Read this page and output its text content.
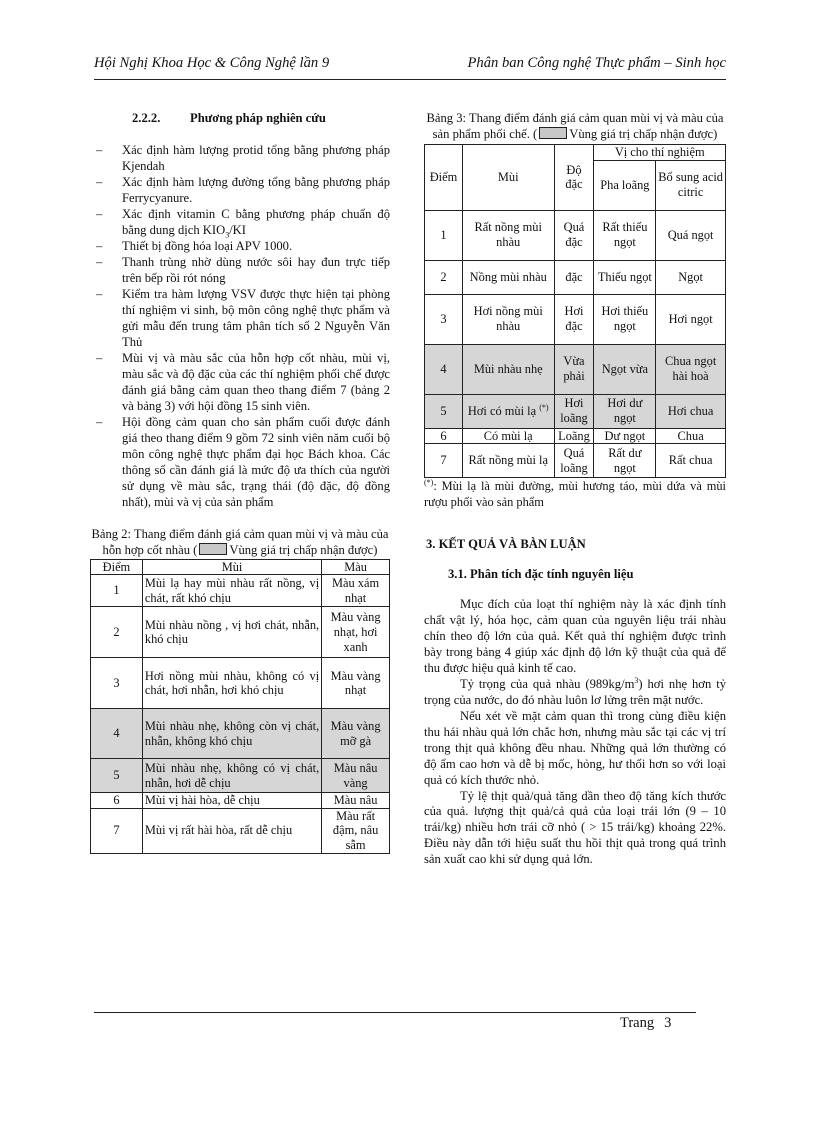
Hội Nghị Khoa Học & Công Nghệ lần 9	Phân ban Công nghệ Thực phẩm – Sinh học
2.2.2. Phương pháp nghiên cứu
– Xác định hàm lượng protid tổng bằng phương pháp Kjendah
– Xác định hàm lượng đường tổng bằng phương pháp Ferrycyanure.
– Xác định vitamin C bằng phương pháp chuẩn độ bằng dung dịch $KIO_3/KI$
– Thiết bị đồng hóa loại APV 1000.
– Thanh trùng nhờ dùng nước sôi hay đun trực tiếp trên bếp rồi rót nóng
– Kiểm tra hàm lượng VSV được thực hiện tại phòng thí nghiệm vi sinh, bộ môn công nghệ thực phẩm và gửi mẫu đến trung tâm phân tích số 2 Nguyễn Văn Thủ
– Mùi vị và màu sắc của hỗn hợp cốt nhàu, mùi vị, màu sắc và độ đặc của các thí nghiệm phối chế được đánh giá bằng cảm quan theo thang điểm 7 (bảng 2 và bảng 3) với hội đồng 15 sinh viên.
– Hội đồng cảm quan cho sản phẩm cuối được đánh giá theo thang điểm 9 gồm 72 sinh viên năm cuối bộ môn công nghệ thực phẩm đại học Bách khoa. Các thông số cần đánh giá là mức độ ưa thích của người sử dụng về màu sắc, trạng thái (độ đặc, độ đồng nhất), mùi và vị của sản phẩm
Bảng 2: Thang điểm đánh giá cảm quan mùi vị và màu của hỗn hợp cốt nhàu (	Vùng giá trị chấp nhận được)
Điểm	Mùi	Màu
1	Mùi lạ hay mùi nhàu rất nồng, vị chát, rất khó chịu	Màu xám nhạt
2	Mùi nhàu nồng , vị hơi chát, nhẫn, khó chịu	Màu vàng nhạt, hơi xanh
3	Hơi nồng mùi nhàu, không có vị chát, hơi nhẫn, hơi khó chịu	Màu vàng nhạt
4	Mùi nhàu nhẹ, không còn vị chát, nhẫn, không khó chịu	Màu vàng mỡ gà
5	Mùi nhàu nhẹ, không có vị chát, nhẫn, hơi dễ chịu	Màu nâu vàng
6	Mùi vị hài hòa, dễ chịu	Màu nâu
7	Mùi vị rất hài hòa, rất dễ chịu	Màu rất đậm, nâu sẫm
Bảng 3: Thang điểm đánh giá cảm quan mùi vị và màu của sản phẩm phối chế. (	Vùng giá trị chấp nhận được)
Điểm	Mùi	Độ đặc	Vị cho thí nghiệm	
			Pha loãng	Bổ sung acid citric
1	Rất nồng mùi nhàu	Quá đặc	Rất thiếu ngọt	Quá ngọt
2	Nồng mùi nhàu	đặc	Thiếu ngọt	Ngọt
3	Hơi nồng mùi nhàu	Hơi đặc	Hơi thiếu ngọt	Hơi ngọt
4	Mùi nhàu nhẹ	Vừa phải	Ngọt vừa	Chua ngọt hài hoà
5	Hơi có mùi lạ (*)	Hơi loãng	Hơi dư ngọt	Hơi chua
6	Có mùi lạ	Loãng	Dư ngọt	Chua
7	Rất nồng mùi lạ	Quá loãng	Rất dư ngọt	Rất chua
(*): Mùi lạ là mùi đường, mùi hương táo, mùi dứa và mùi rượu phối vào sản phẩm
3. KẾT QUẢ VÀ BÀN LUẬN
3.1. Phân tích đặc tính nguyên liệu

Mục đích của loạt thí nghiệm này là xác định tính chất vật lý, hóa học, cảm quan của nguyên liệu trái nhàu chín theo độ lớn của quả. Kết quả thí nghiệm được trình bày trong bảng 4 giúp xác định độ lớn kỹ thuật của quả để thu được hiệu quả kinh tế cao.

Tỷ trọng của quả nhàu $(989kg/m^3)$ hơi nhẹ hơn tỷ trọng của nước, do đó nhàu luôn lơ lửng trên mặt nước.

Nếu xét về mặt cảm quan thì trong cùng điều kiện thu hái nhàu quả lớn chắc hơn, nhưng màu sắc tại các vị trí trong thịt quả không đều nhau. Những quả lớn thường có độ ẩm cao hơn và dễ bị mốc, hỏng, hư thối hơn so với loại quả có kích thước nhỏ.

Tỷ lệ thịt quả/quả tăng dần theo độ tăng kích thước của quả. lượng thịt quả/cả quả của loại trái lớn (9 – 10 trái/kg) nhiều hơn trái cỡ nhỏ ( > 15 trái/kg) khoảng 22%. Điều này dẫn tới hiệu suất thu hồi thịt quả trong quá trình sản xuất cao khi sử dụng quả lớn.

Trang 3
